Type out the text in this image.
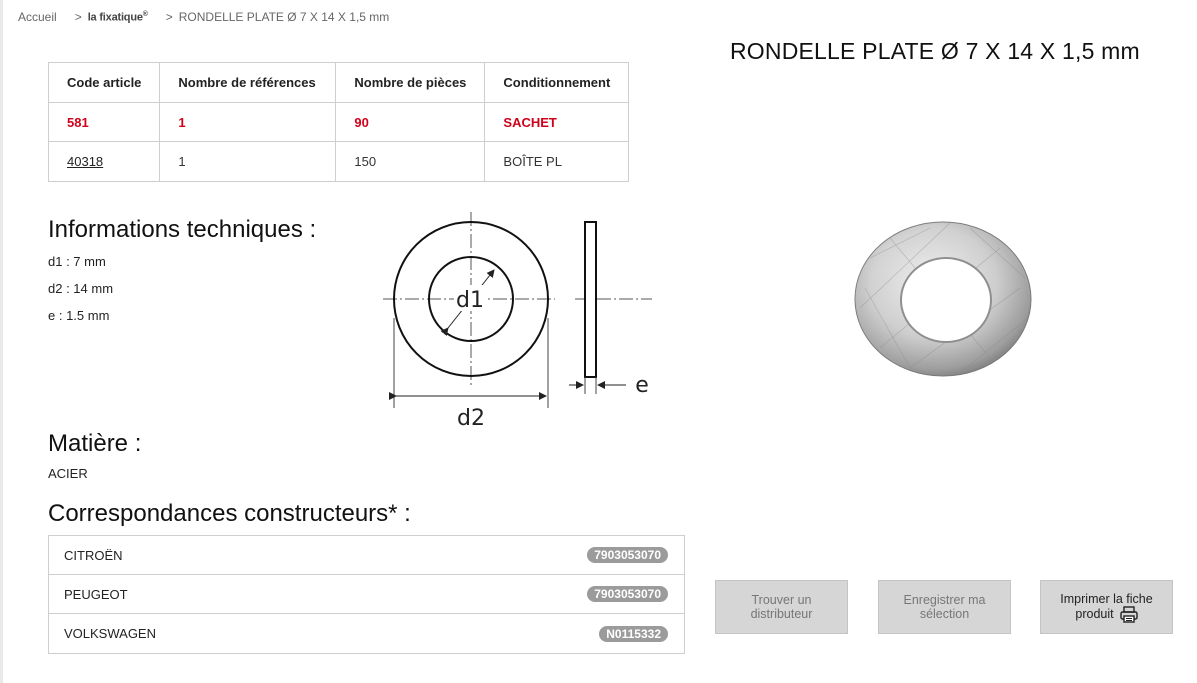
Accueil > la fixatique® > RONDELLE PLATE Ø 7 X 14 X 1,5 mm
RONDELLE PLATE Ø 7 X 14 X 1,5 mm
Code article	Nombre de références	Nombre de pièces	Conditionnement
581	1	90	SACHET
40318	1	150	BOÎTE PL
Informations techniques :
d1 : 7 mm
d2 : 14 mm
e : 1.5 mm
d1
d2
e
Matière :
ACIER
Correspondances constructeurs* :
CITROËN	7903053070
PEUGEOT	7903053070
VOLKSWAGEN	N0115332
Trouver un
distributeur
Enregistrer ma
sélection
Imprimer la fiche
produit
